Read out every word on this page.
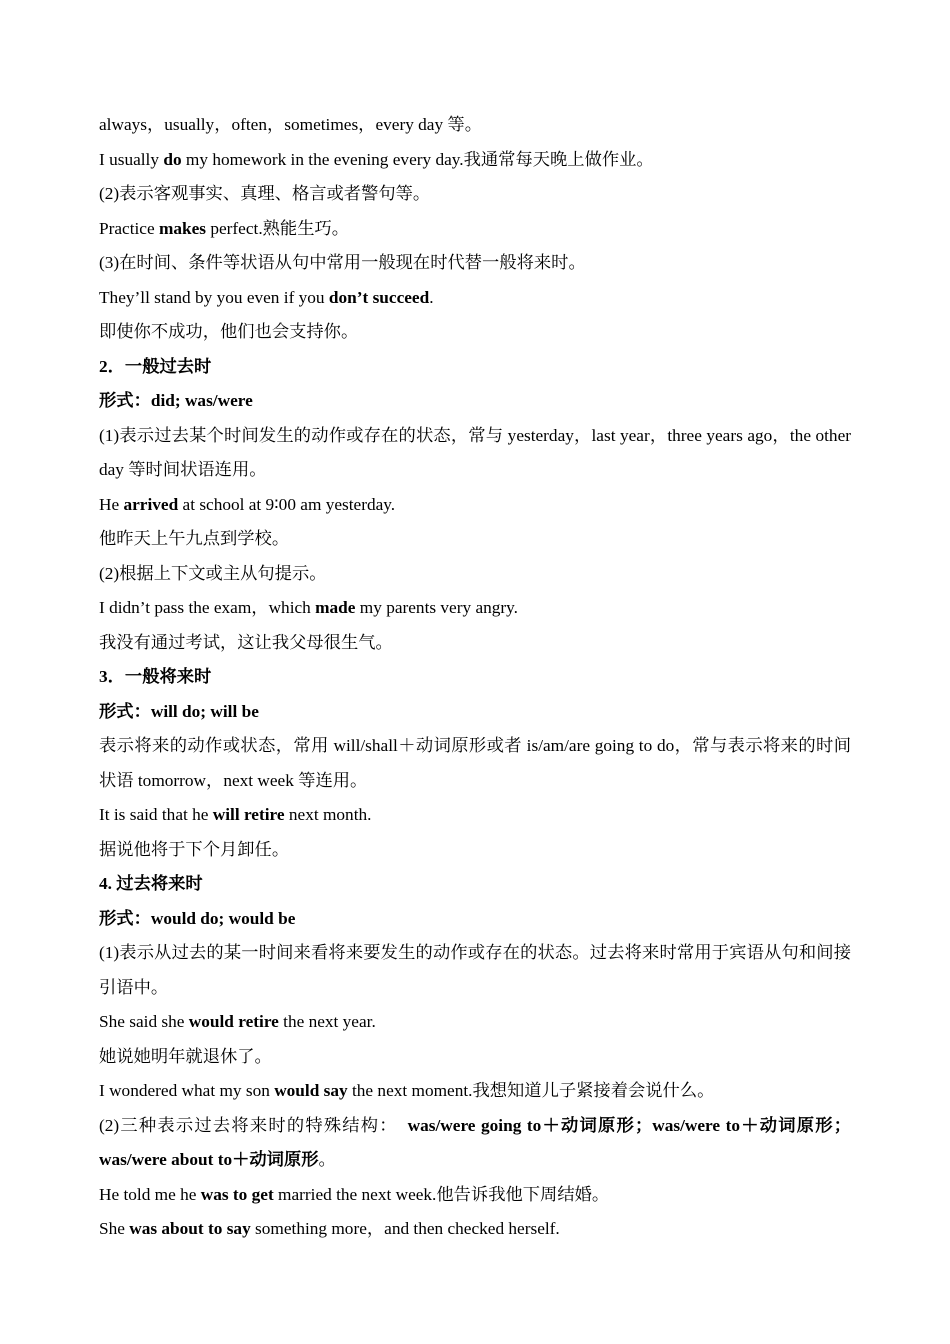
always，usually，often，sometimes，every day 等。

I usually do my homework in the evening every day.我通常每天晚上做作业。

(2)表示客观事实、真理、格言或者警句等。

Practice makes perfect.熟能生巧。

(3)在时间、条件等状语从句中常用一般现在时代替一般将来时。

They’ll stand by you even if you don’t succeed.

即使你不成功，他们也会支持你。

2．一般过去时

形式：did; was/were

(1)表示过去某个时间发生的动作或存在的状态，常与 yesterday，last year，three years ago，the other day 等时间状语连用。

He arrived at school at 9∶00 am yesterday.

他昨天上午九点到学校。

(2)根据上下文或主从句提示。

I didn’t pass the exam，which made my parents very angry.

我没有通过考试，这让我父母很生气。

3．一般将来时

形式：will do; will be

表示将来的动作或状态，常用 will/shall＋动词原形或者 is/am/are going to do，常与表示将来的时间状语 tomorrow，next week 等连用。

It is said that he will retire next month.

据说他将于下个月卸任。

4. 过去将来时

形式：would do; would be

(1)表示从过去的某一时间来看将来要发生的动作或存在的状态。过去将来时常用于宾语从句和间接引语中。

She said she would retire the next year.

她说她明年就退休了。

I wondered what my son would say the next moment.我想知道儿子紧接着会说什么。

(2)三种表示过去将来时的特殊结构：　was/were going to＋动词原形；was/were to＋动词原形；was/were about to＋动词原形。

He told me he was to get married the next week.他告诉我他下周结婚。

She was about to say something more，and then checked herself.
